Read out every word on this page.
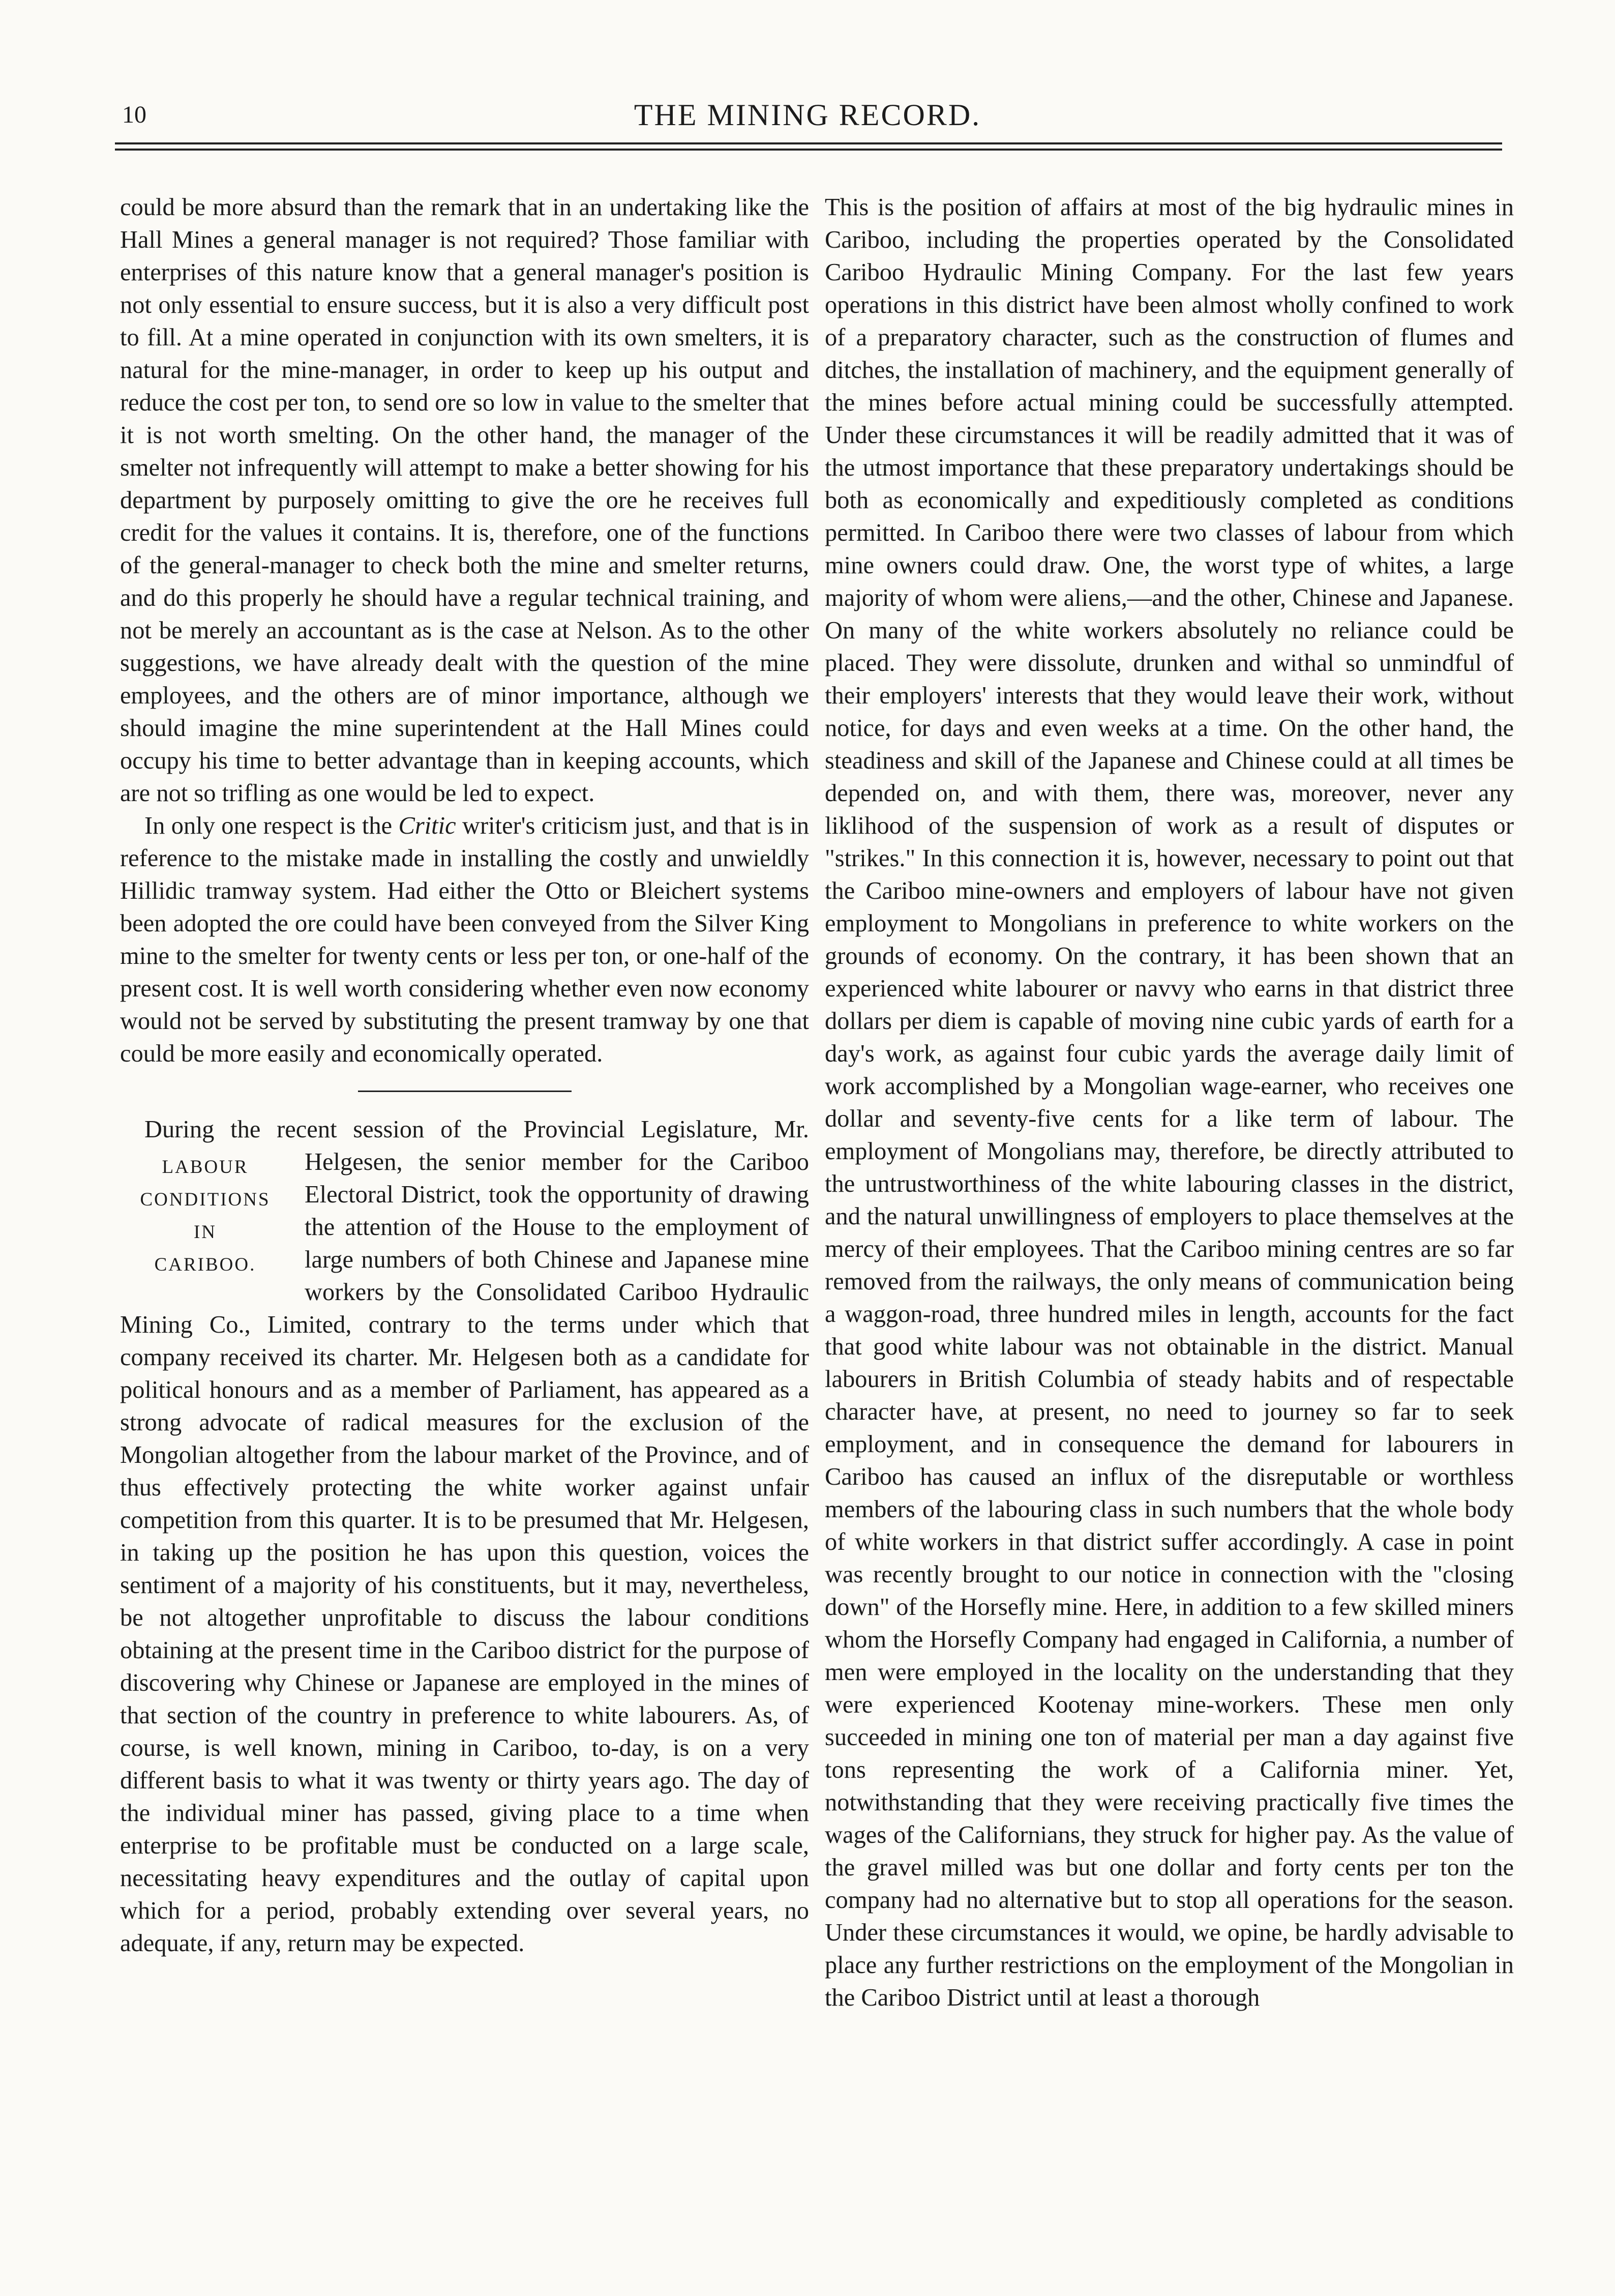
10	THE MINING RECORD.

could be more absurd than the remark that in an undertaking like the Hall Mines a general manager is not required? Those familiar with enterprises of this nature know that a general manager's position is not only essential to ensure success, but it is also a very difficult post to fill. At a mine operated in conjunction with its own smelters, it is natural for the mine-manager, in order to keep up his output and reduce the cost per ton, to send ore so low in value to the smelter that it is not worth smelting. On the other hand, the manager of the smelter not infrequently will attempt to make a better showing for his department by purposely omitting to give the ore he receives full credit for the values it contains. It is, therefore, one of the functions of the general-manager to check both the mine and smelter returns, and do this properly he should have a regular technical training, and not be merely an accountant as is the case at Nelson. As to the other suggestions, we have already dealt with the question of the mine employees, and the others are of minor importance, although we should imagine the mine superintendent at the Hall Mines could occupy his time to better advantage than in keeping accounts, which are not so trifling as one would be led to expect.

In only one respect is the Critic writer's criticism just, and that is in reference to the mistake made in installing the costly and unwieldly Hillidic tramway system. Had either the Otto or Bleichert systems been adopted the ore could have been conveyed from the Silver King mine to the smelter for twenty cents or less per ton, or one-half of the present cost. It is well worth considering whether even now economy would not be served by substituting the present tramway by one that could be more easily and economically operated.

During the recent session of the Provincial Legislature, Mr. Helgesen, the senior member for the Cariboo
LABOUR
CONDITIONS
IN
CARIBOO.
Electoral District, took the opportunity of drawing the attention of the House to the employment of large numbers of both Chinese and Japanese mine workers by the Consolidated Cariboo Hydraulic Mining Co., Limited, contrary to the terms under which that company received its charter. Mr. Helgesen both as a candidate for political honours and as a member of Parliament, has appeared as a strong advocate of radical measures for the exclusion of the Mongolian altogether from the labour market of the Province, and of thus effectively protecting the white worker against unfair competition from this quarter. It is to be presumed that Mr. Helgesen, in taking up the position he has upon this question, voices the sentiment of a majority of his constituents, but it may, nevertheless, be not altogether unprofitable to discuss the labour conditions obtaining at the present time in the Cariboo district for the purpose of discovering why Chinese or Japanese are employed in the mines of that section of the country in preference to white labourers. As, of course, is well known, mining in Cariboo, to-day, is on a very different basis to what it was twenty or thirty years ago. The day of the individual miner has passed, giving place to a time when enterprise to be profitable must be conducted on a large scale, necessitating heavy expenditures and the outlay of capital upon which for a period, probably extending over several years, no adequate, if any, return may be expected.

This is the position of affairs at most of the big hydraulic mines in Cariboo, including the properties operated by the Consolidated Cariboo Hydraulic Mining Company. For the last few years operations in this district have been almost wholly confined to work of a preparatory character, such as the construction of flumes and ditches, the installation of machinery, and the equipment generally of the mines before actual mining could be successfully attempted. Under these circumstances it will be readily admitted that it was of the utmost importance that these preparatory undertakings should be both as economically and expeditiously completed as conditions permitted. In Cariboo there were two classes of labour from which mine owners could draw. One, the worst type of whites, a large majority of whom were aliens,—and the other, Chinese and Japanese. On many of the white workers absolutely no reliance could be placed. They were dissolute, drunken and withal so unmindful of their employers' interests that they would leave their work, without notice, for days and even weeks at a time. On the other hand, the steadiness and skill of the Japanese and Chinese could at all times be depended on, and with them, there was, moreover, never any liklihood of the suspension of work as a result of disputes or "strikes." In this connection it is, however, necessary to point out that the Cariboo mine-owners and employers of labour have not given employment to Mongolians in preference to white workers on the grounds of economy. On the contrary, it has been shown that an experienced white labourer or navvy who earns in that district three dollars per diem is capable of moving nine cubic yards of earth for a day's work, as against four cubic yards the average daily limit of work accomplished by a Mongolian wage-earner, who receives one dollar and seventy-five cents for a like term of labour. The employment of Mongolians may, therefore, be directly attributed to the untrustworthiness of the white labouring classes in the district, and the natural unwillingness of employers to place themselves at the mercy of their employees. That the Cariboo mining centres are so far removed from the railways, the only means of communication being a waggon-road, three hundred miles in length, accounts for the fact that good white labour was not obtainable in the district. Manual labourers in British Columbia of steady habits and of respectable character have, at present, no need to journey so far to seek employment, and in consequence the demand for labourers in Cariboo has caused an influx of the disreputable or worthless members of the labouring class in such numbers that the whole body of white workers in that district suffer accordingly. A case in point was recently brought to our notice in connection with the "closing down" of the Horsefly mine. Here, in addition to a few skilled miners whom the Horsefly Company had engaged in California, a number of men were employed in the locality on the understanding that they were experienced Kootenay mine-workers. These men only succeeded in mining one ton of material per man a day against five tons representing the work of a California miner. Yet, notwithstanding that they were receiving practically five times the wages of the Californians, they struck for higher pay. As the value of the gravel milled was but one dollar and forty cents per ton the company had no alternative but to stop all operations for the season. Under these circumstances it would, we opine, be hardly advisable to place any further restrictions on the employment of the Mongolian in the Cariboo District until at least a thorough
